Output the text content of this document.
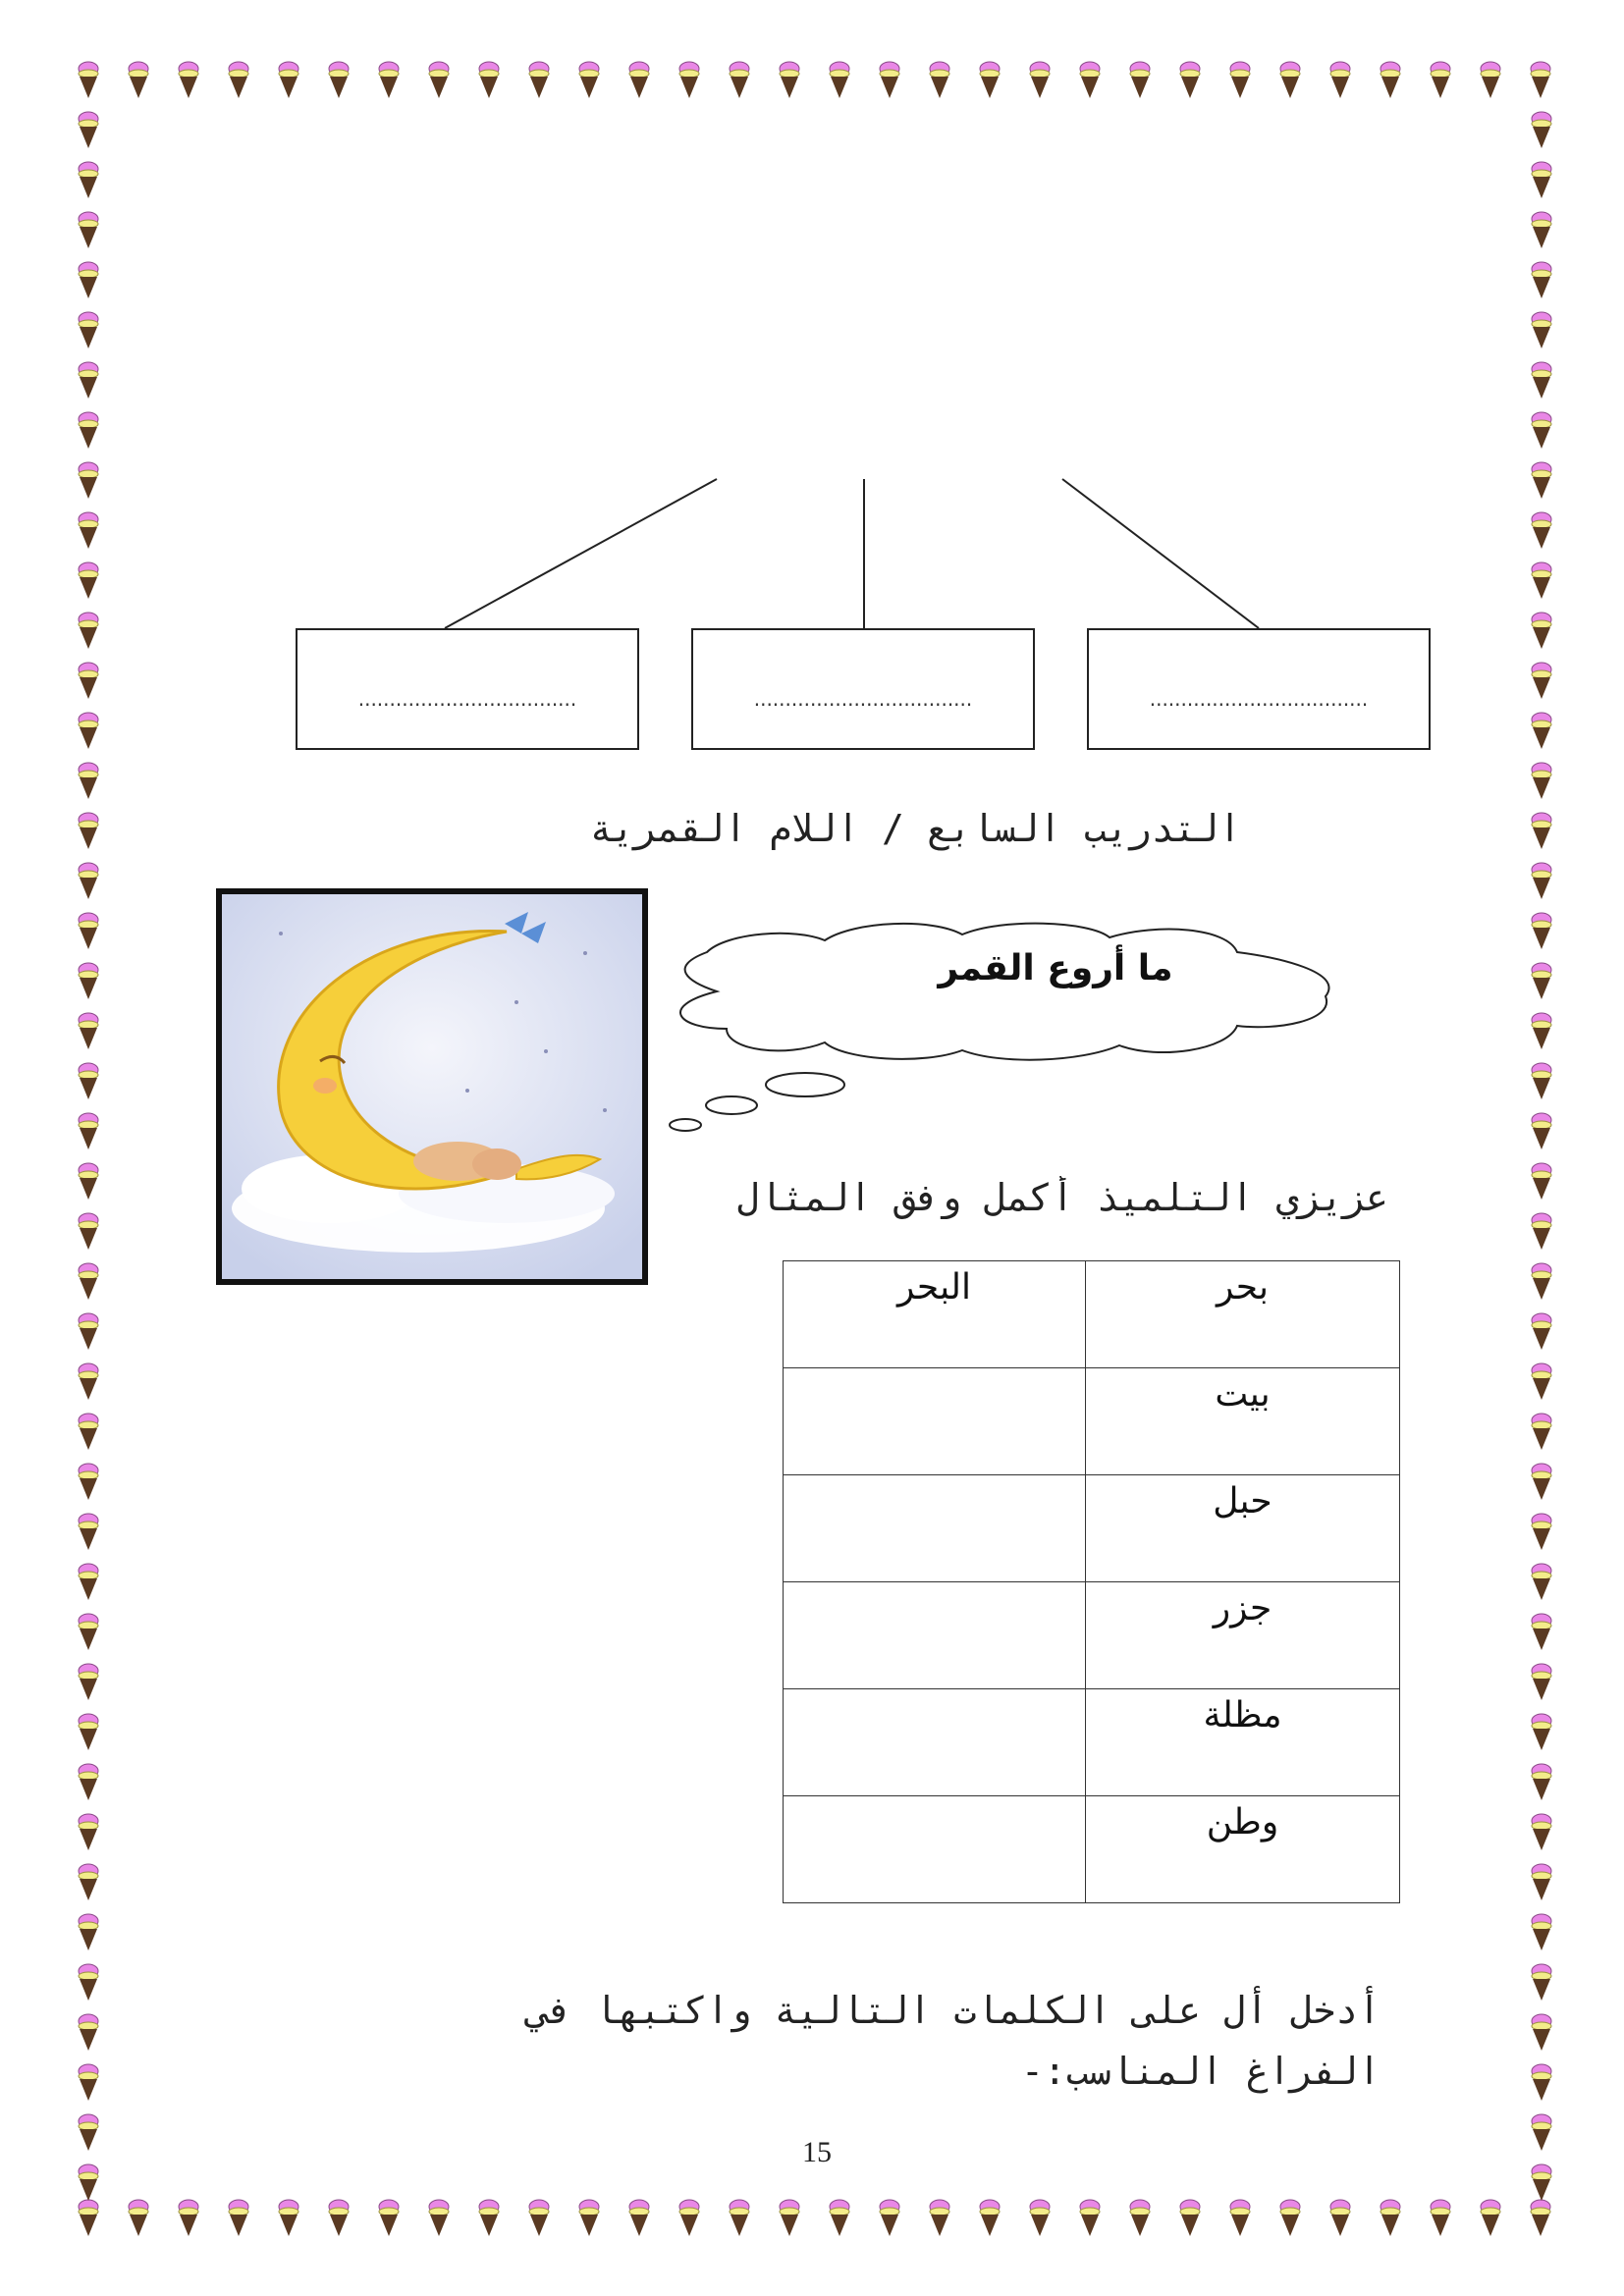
...................................	...................................	...................................
التدريب السابع / اللام القمرية
ما أروع القمر
عزيزي التلميذ أكمل وفق المثال
بحر	البحر
بيت	
حبل	
جزر	
مظلة	
وطن	
أدخل أل على الكلمات التالية واكتبها في
الفراغ المناسب:-
15
